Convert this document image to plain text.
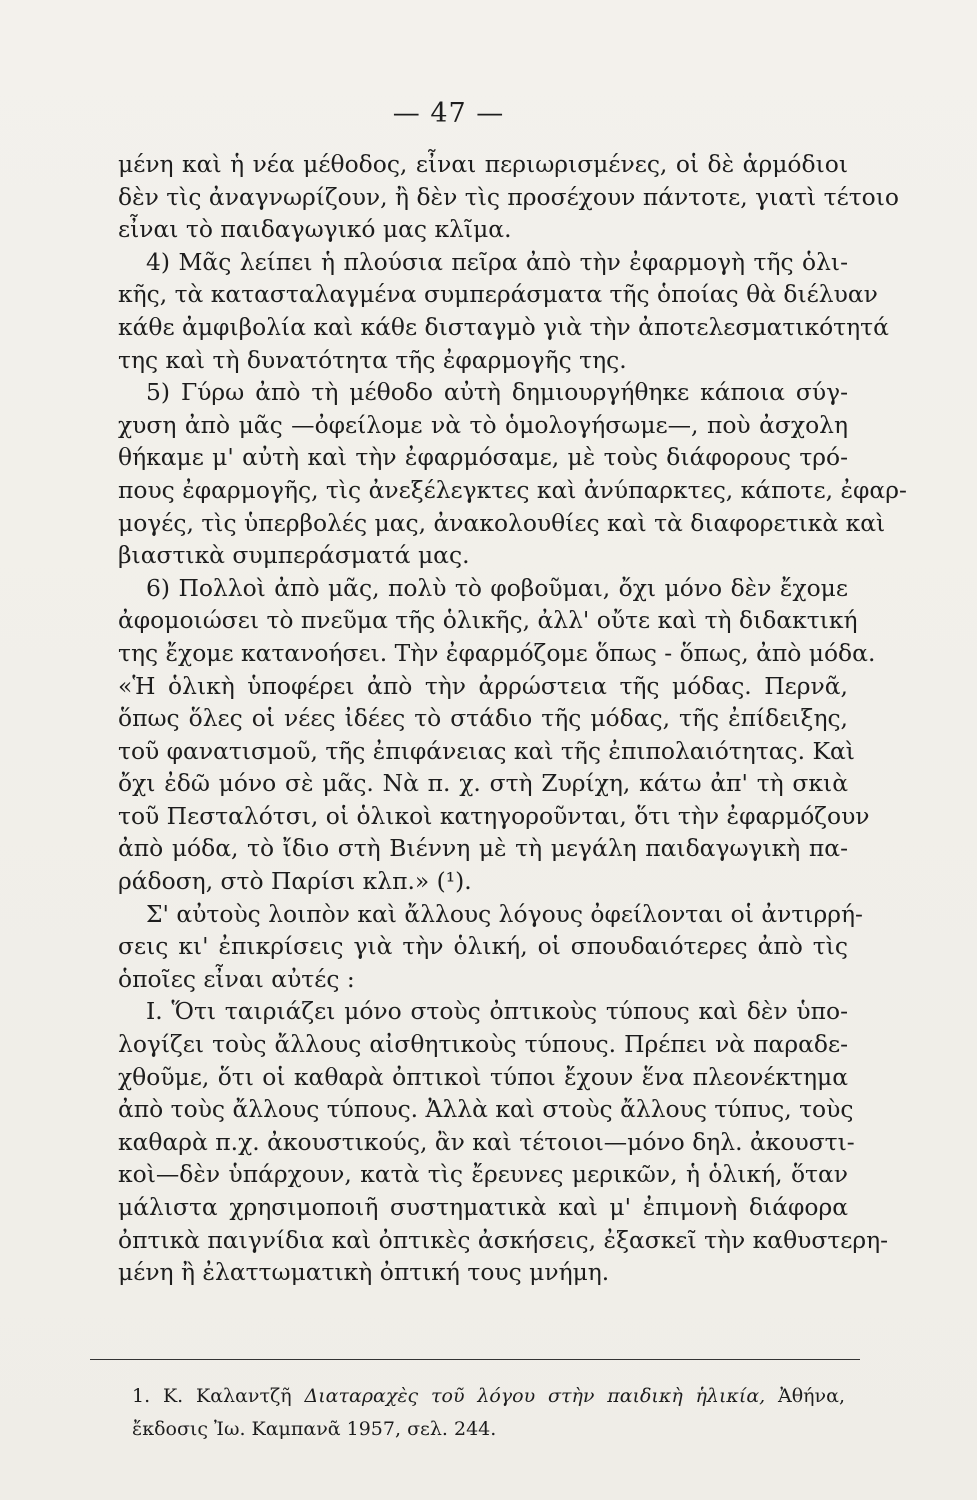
— 47 —
μένη καὶ ἡ νέα μέθοδος, εἶναι περιωρισμένες, οἱ δὲ ἁρμόδιοι
δὲν τὶς ἀναγνωρίζουν, ἢ δὲν τὶς προσέχουν πάντοτε, γιατὶ τέτοιο
εἶναι τὸ παιδαγωγικό μας κλῖμα.
4) Μᾶς λείπει ἡ πλούσια πεῖρα ἀπὸ τὴν ἐφαρμογὴ τῆς ὁλι-
κῆς, τὰ κατασταλαγμένα συμπεράσματα τῆς ὁποίας θὰ διέλυαν
κάθε ἀμφιβολία καὶ κάθε δισταγμὸ γιὰ τὴν ἀποτελεσματικότητά
της καὶ τὴ δυνατότητα τῆς ἐφαρμογῆς της.
5) Γύρω ἀπὸ τὴ μέθοδο αὐτὴ δημιουργήθηκε κάποια σύγ-
χυση ἀπὸ μᾶς —ὀφείλομε νὰ τὸ ὁμολογήσωμε—, ποὺ ἀσχολη
θήκαμε μ' αὐτὴ καὶ τὴν ἐφαρμόσαμε, μὲ τοὺς διάφορους τρό-
πους ἐφαρμογῆς, τὶς ἀνεξέλεγκτες καὶ ἀνύπαρκτες, κάποτε, ἐφαρ-
μογές, τὶς ὑπερβολές μας, ἀνακολουθίες καὶ τὰ διαφορετικὰ καὶ
βιαστικὰ συμπεράσματά μας.
6) Πολλοὶ ἀπὸ μᾶς, πολὺ τὸ φοβοῦμαι, ὄχι μόνο δὲν ἔχομε
ἀφομοιώσει τὸ πνεῦμα τῆς ὁλικῆς, ἀλλ' οὔτε καὶ τὴ διδακτική
της ἔχομε κατανοήσει. Τὴν ἐφαρμόζομε ὅπως - ὅπως, ἀπὸ μόδα.
«Ἡ ὁλικὴ ὑποφέρει ἀπὸ τὴν ἀρρώστεια τῆς μόδας. Περνᾶ,
ὅπως ὅλες οἱ νέες ἰδέες τὸ στάδιο τῆς μόδας, τῆς ἐπίδειξης,
τοῦ φανατισμοῦ, τῆς ἐπιφάνειας καὶ τῆς ἐπιπολαιότητας. Καὶ
ὄχι ἐδῶ μόνο σὲ μᾶς. Νὰ π. χ. στὴ Ζυρίχη, κάτω ἀπ' τὴ σκιὰ
τοῦ Πεσταλότσι, οἱ ὁλικοὶ κατηγοροῦνται, ὅτι τὴν ἐφαρμόζουν
ἀπὸ μόδα, τὸ ἴδιο στὴ Βιέννη μὲ τὴ μεγάλη παιδαγωγικὴ πα-
ράδοση, στὸ Παρίσι κλπ.» (¹).
Σ' αὐτοὺς λοιπὸν καὶ ἄλλους λόγους ὀφείλονται οἱ ἀντιρρή-
σεις κι' ἐπικρίσεις γιὰ τὴν ὁλική, οἱ σπουδαιότερες ἀπὸ τὶς
ὁποῖες εἶναι αὐτές :
Ι. Ὅτι ταιριάζει μόνο στοὺς ὀπτικοὺς τύπους καὶ δὲν ὑπο-
λογίζει τοὺς ἄλλους αἰσθητικοὺς τύπους. Πρέπει νὰ παραδε-
χθοῦμε, ὅτι οἱ καθαρὰ ὀπτικοὶ τύποι ἔχουν ἕνα πλεονέκτημα
ἀπὸ τοὺς ἄλλους τύπους. Ἀλλὰ καὶ στοὺς ἄλλους τύπυς, τοὺς
καθαρὰ π.χ. ἀκουστικούς, ἂν καὶ τέτοιοι—μόνο δηλ. ἀκουστι-
κοὶ—δὲν ὑπάρχουν, κατὰ τὶς ἔρευνες μερικῶν, ἡ ὁλική, ὅταν
μάλιστα χρησιμοποιῆ συστηματικὰ καὶ μ' ἐπιμονὴ διάφορα
ὀπτικὰ παιγνίδια καὶ ὀπτικὲς ἀσκήσεις, ἐξασκεῖ τὴν καθυστερη-
μένη ἢ ἐλαττωματικὴ ὀπτική τους μνήμη.
1. Κ. Καλαντζῆ Διαταραχὲς τοῦ λόγου στὴν παιδικὴ ἡλικία, Ἀθήνα,
ἔκδοσις Ἰω. Καμπανᾶ 1957, σελ. 244.
